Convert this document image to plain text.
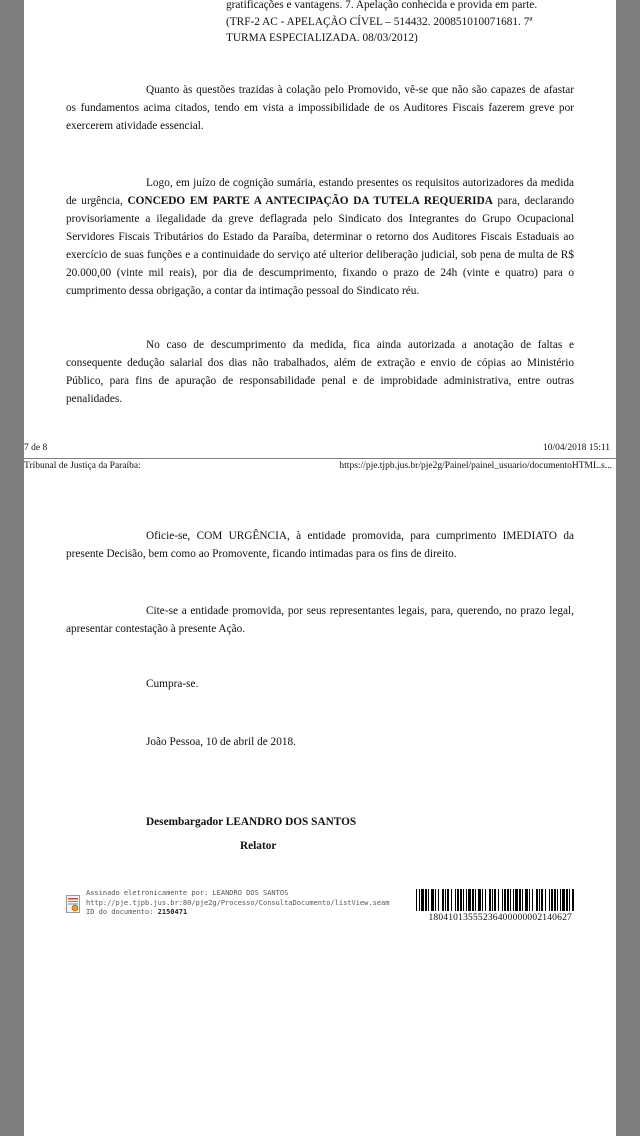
gratificações e vantagens. 7. Apelação conhecida e provida em parte.
(TRF-2 AC - APELAÇÃO CÍVEL – 514432. 200851010071681. 7ª
TURMA ESPECIALIZADA. 08/03/2012)

Quanto às questões trazidas à colação pelo Promovido, vê-se que não são capazes de afastar os fundamentos acima citados, tendo em vista a impossibilidade de os Auditores Fiscais fazerem greve por exercerem atividade essencial.

Logo, em juízo de cognição sumária, estando presentes os requisitos autorizadores da medida de urgência, CONCEDO EM PARTE A ANTECIPAÇÃO DA TUTELA REQUERIDA para, declarando provisoriamente a ilegalidade da greve deflagrada pelo Sindicato dos Integrantes do Grupo Ocupacional Servidores Fiscais Tributários do Estado da Paraíba, determinar o retorno dos Auditores Fiscais Estaduais ao exercício de suas funções e a continuidade do serviço até ulterior deliberação judicial, sob pena de multa de R$ 20.000,00 (vinte mil reais), por dia de descumprimento, fixando o prazo de 24h (vinte e quatro) para o cumprimento dessa obrigação, a contar da intimação pessoal do Sindicato réu.

No caso de descumprimento da medida, fica ainda autorizada a anotação de faltas e consequente dedução salarial dos dias não trabalhados, além de extração e envio de cópias ao Ministério Público, para fins de apuração de responsabilidade penal e de improbidade administrativa, entre outras penalidades.

7 de 8	10/04/2018 15:11
Tribunal de Justiça da Paraíba:	https://pje.tjpb.jus.br/pje2g/Painel/painel_usuario/documentoHTML.s...

Oficie-se, COM URGÊNCIA, à entidade promovida, para cumprimento IMEDIATO da presente Decisão, bem como ao Promovente, ficando intimadas para os fins de direito.

Cite-se a entidade promovida, por seus representantes legais, para, querendo, no prazo legal, apresentar contestação à presente Ação.

Cumpra-se.
João Pessoa, 10 de abril de 2018.
Desembargador LEANDRO DOS SANTOS
Relator
Assinado eletronicamente por: LEANDRO DOS SANTOS
http://pje.tjpb.jus.br:80/pje2g/Processo/ConsultaDocumento/listView.seam
ID do documento: 2150471
18041013555236400000002140627
